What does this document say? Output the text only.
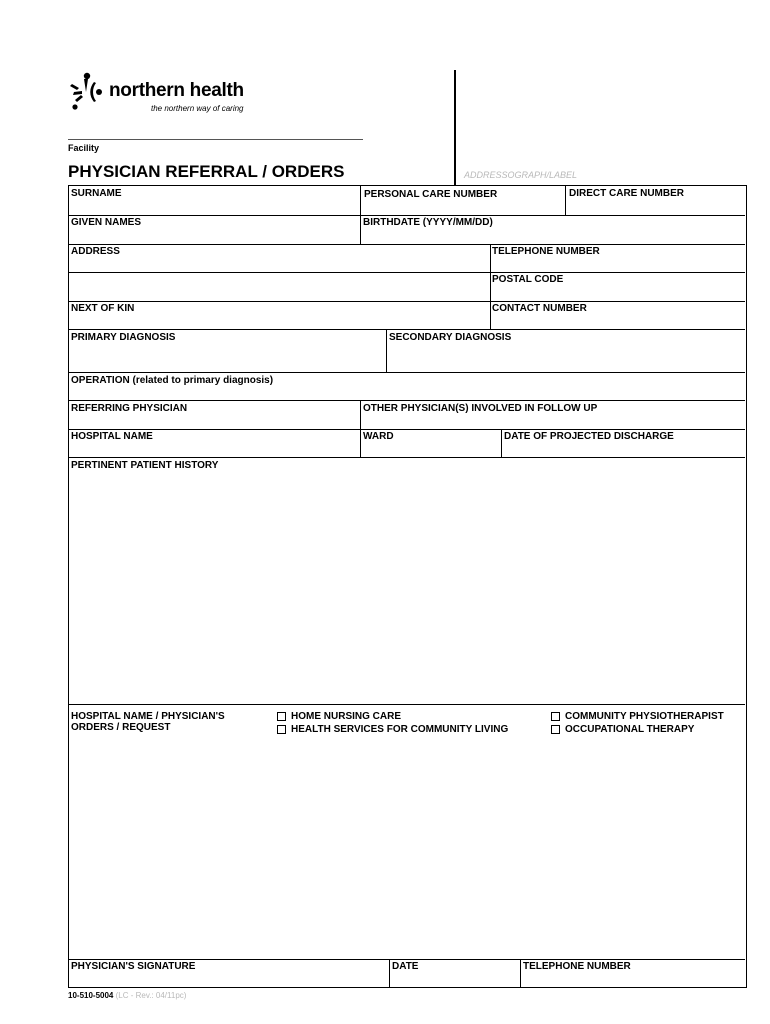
northern health
the northern way of caring
Facility
PHYSICIAN REFERRAL / ORDERS	ADDRESSOGRAPH/LABEL
SURNAME	PERSONAL CARE NUMBER	DIRECT CARE NUMBER
GIVEN NAMES	BIRTHDATE (YYYY/MM/DD)
ADDRESS	TELEPHONE NUMBER
POSTAL CODE
NEXT OF KIN	CONTACT NUMBER
PRIMARY DIAGNOSIS	SECONDARY DIAGNOSIS
OPERATION (related to primary diagnosis)
REFERRING PHYSICIAN	OTHER PHYSICIAN(S) INVOLVED IN FOLLOW UP
HOSPITAL NAME	WARD	DATE OF PROJECTED DISCHARGE
PERTINENT PATIENT HISTORY
HOSPITAL NAME / PHYSICIAN'S
ORDERS / REQUEST
HOME NURSING CARE
HEALTH SERVICES FOR COMMUNITY LIVING
COMMUNITY PHYSIOTHERAPIST
OCCUPATIONAL THERAPY
PHYSICIAN'S SIGNATURE	DATE	TELEPHONE NUMBER
10-510-5004 (LC - Rev.: 04/11pc)
